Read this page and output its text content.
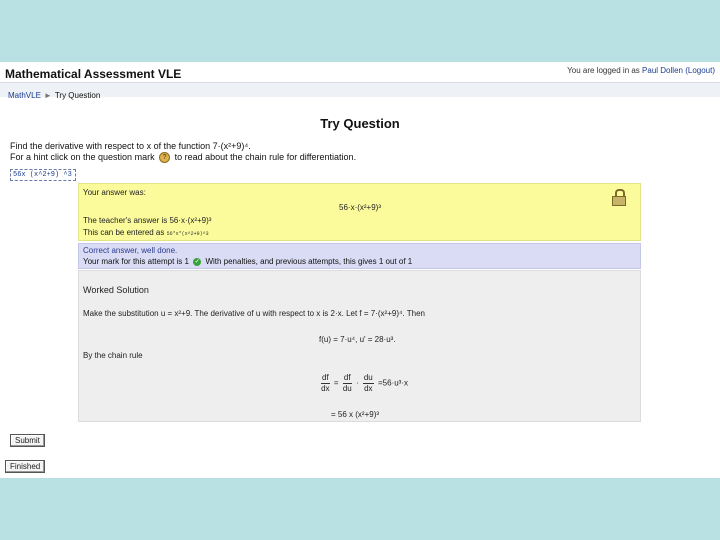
Mathematical Assessment VLE	You are logged in as Paul Dollen (Logout)
MathVLE ► Try Question
Try Question
Find the derivative with respect to x of the function 7·(x²+9)⁴.
For a hint click on the question mark ? to read about the chain rule for differentiation.
56x (x^2+9) ^3
Your answer was:
56·x·(x²+9)³
The teacher's answer is 56·x·(x²+9)³
This can be entered as 56*x*(x^2+9)^3
Correct answer, well done.
Your mark for this attempt is 1 ✓ With penalties, and previous attempts, this gives 1 out of 1
Worked Solution
Make the substitution u = x²+9. The derivative of u with respect to x is 2·x. Let f = 7·(x²+9)⁴. Then
f(u) = 7·u⁴, u' = 28·u³.
By the chain rule
$\frac{df}{dx} = \frac{df}{du} \cdot \frac{du}{dx} =56\cdot u^3\cdot x$
= 56 x (x²+9)³
Submit
Finished
